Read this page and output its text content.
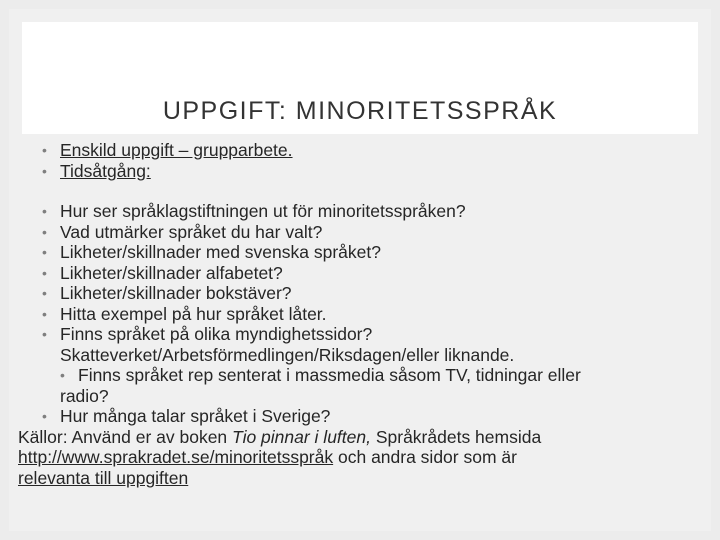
UPPGIFT: MINORITETSSPRÅK
• Enskild uppgift – grupparbete.
• Tidsåtgång:
• Hur ser språklagstiftningen ut för minoritetsspråken?
• Vad utmärker språket du har valt?
• Likheter/skillnader med svenska språket?
• Likheter/skillnader alfabetet?
• Likheter/skillnader bokstäver?
• Hitta exempel på hur språket låter.
• Finns språket på olika myndighetssidor?
Skatteverket/Arbetsförmedlingen/Riksdagen/eller liknande.
• Finns språket rep senterat i massmedia såsom TV, tidningar eller
radio?
• Hur många talar språket i Sverige?
Källor: Använd er av boken Tio pinnar i luften, Språkrådets hemsida
http://www.sprakradet.se/minoritetsspråk och andra sidor som är
relevanta till uppgiften
